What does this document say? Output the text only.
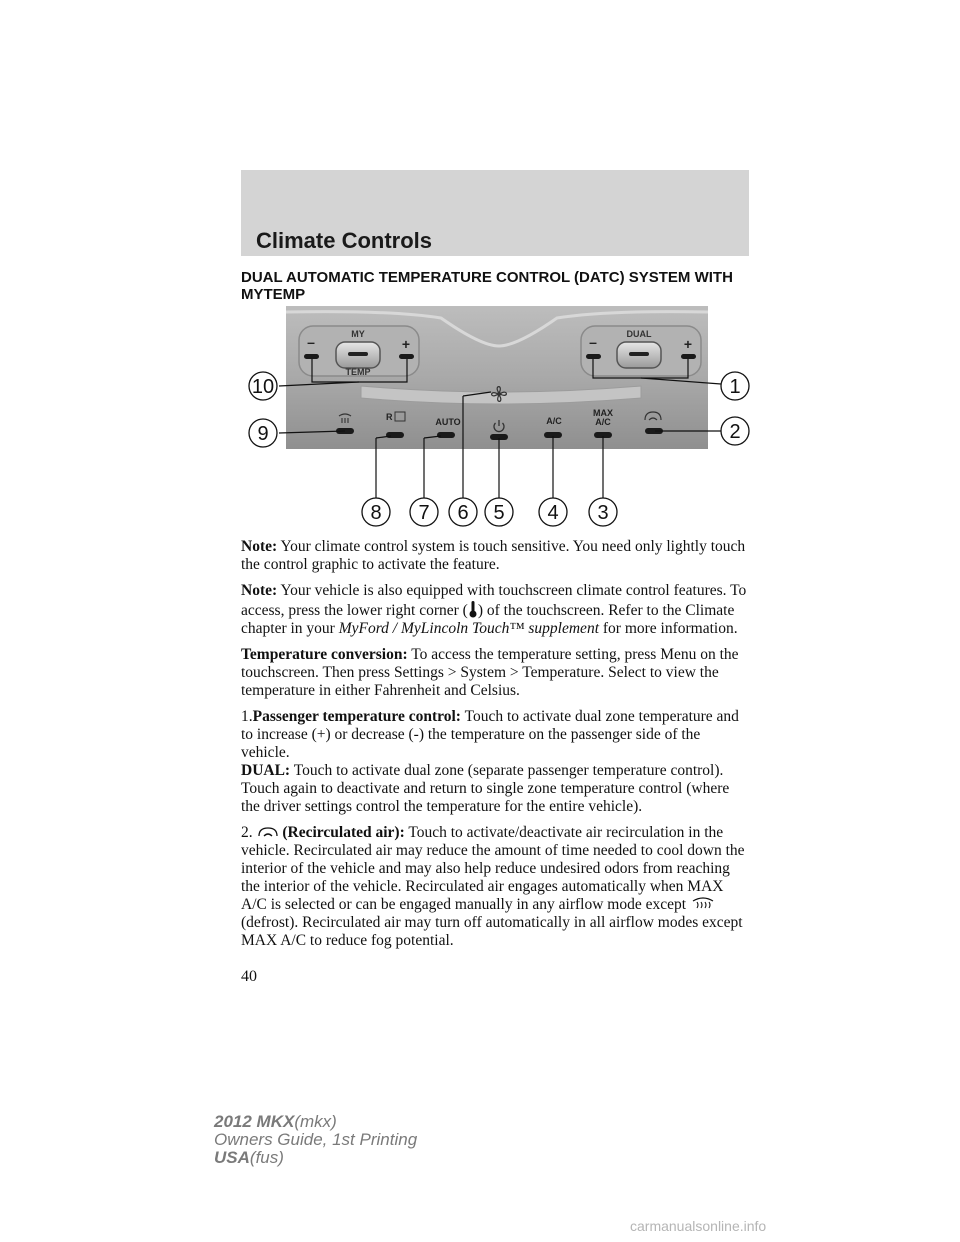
Climate Controls
DUAL AUTOMATIC TEMPERATURE CONTROL (DATC) SYSTEM WITH MYTEMP
MY
TEMP
–	+
DUAL
–	+
R	AUTO	A/C
MAX
A/C
10	1
9	2
8 7 6 5 4 3

Note: Your climate control system is touch sensitive. You need only lightly touch the control graphic to activate the feature.

Note: Your vehicle is also equipped with touchscreen climate control features. To access, press the lower right corner ( ) of the touchscreen. Refer to the Climate chapter in your MyFord / MyLincoln Touch™ supplement for more information.

Temperature conversion: To access the temperature setting, press Menu on the touchscreen. Then press Settings > System > Temperature. Select to view the temperature in either Fahrenheit and Celsius.

1.Passenger temperature control: Touch to activate dual zone temperature and to increase (+) or decrease (-) the temperature on the passenger side of the vehicle.

DUAL: Touch to activate dual zone (separate passenger temperature control). Touch again to deactivate and return to single zone temperature control (where the driver settings control the temperature for the entire vehicle).

2. (Recirculated air): Touch to activate/deactivate air recirculation in the vehicle. Recirculated air may reduce the amount of time needed to cool down the interior of the vehicle and may also help reduce undesired odors from reaching the interior of the vehicle. Recirculated air engages automatically when MAX A/C is selected or can be engaged manually in any airflow mode except  (defrost). Recirculated air may turn off automatically in all airflow modes except MAX A/C to reduce fog potential.

40
2012 MKX(mkx)
Owners Guide, 1st Printing
USA(fus)
carmanualsonline.info
